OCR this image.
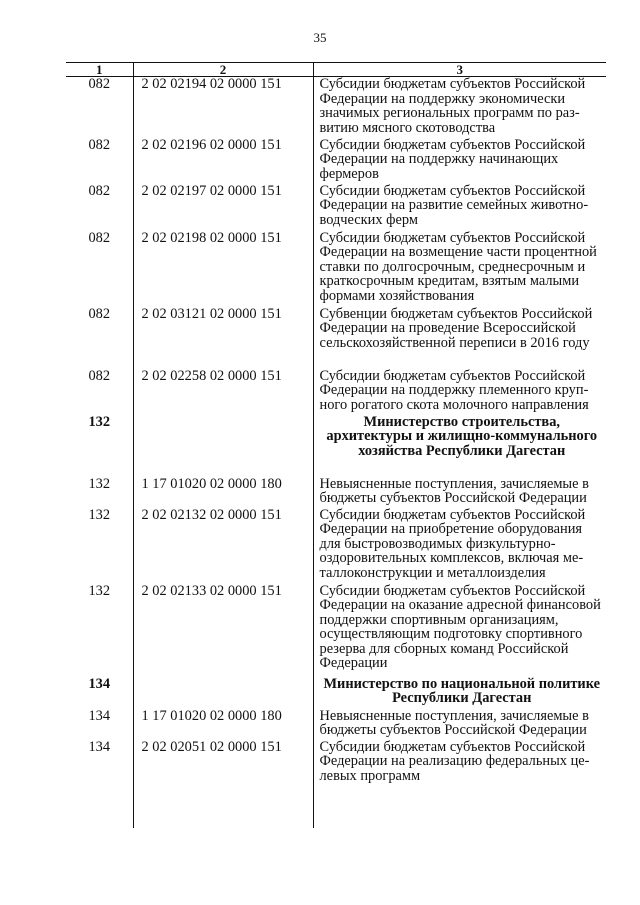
35
1	2	3
082	2 02 02194 02 0000 151	Субсидии бюджетам субъектов Российской Федерации на поддержку экономически значимых региональных программ по развитию мясного скотоводства

082	2 02 02196 02 0000 151	Субсидии бюджетам субъектов Российской Федерации на поддержку начинающих фермеров

082	2 02 02197 02 0000 151	Субсидии бюджетам субъектов Российской Федерации на развитие семейных животноводческих ферм

082	2 02 02198 02 0000 151	Субсидии бюджетам субъектов Российской Федерации на возмещение части процентной ставки по долгосрочным, среднесрочным и краткосрочным кредитам, взятым малыми формами хозяйствования

082	2 02 03121 02 0000 151	Субвенции бюджетам субъектов Российской Федерации на проведение Всероссийской сельскохозяйственной переписи в 2016 году

082	2 02 02258 02 0000 151	Субсидии бюджетам субъектов Российской Федерации на поддержку племенного крупного рогатого скота молочного направления

132		Министерство строительства, архитектуры и жилищно-коммунального хозяйства Республики Дагестан

132	1 17 01020 02 0000 180	Невыясненные поступления, зачисляемые в бюджеты субъектов Российской Федерации

132	2 02 02132 02 0000 151	Субсидии бюджетам субъектов Российской Федерации на приобретение оборудования для быстровозводимых физкультурно-оздоровительных комплексов, включая металлоконструкции и металлоизделия

132	2 02 02133 02 0000 151	Субсидии бюджетам субъектов Российской Федерации на оказание адресной финансовой поддержки спортивным организациям, осуществляющим подготовку спортивного резерва для сборных команд Российской Федерации

134		Министерство по национальной политике Республики Дагестан

134	1 17 01020 02 0000 180	Невыясненные поступления, зачисляемые в бюджеты субъектов Российской Федерации

134	2 02 02051 02 0000 151	Субсидии бюджетам субъектов Российской Федерации на реализацию федеральных целевых программ
